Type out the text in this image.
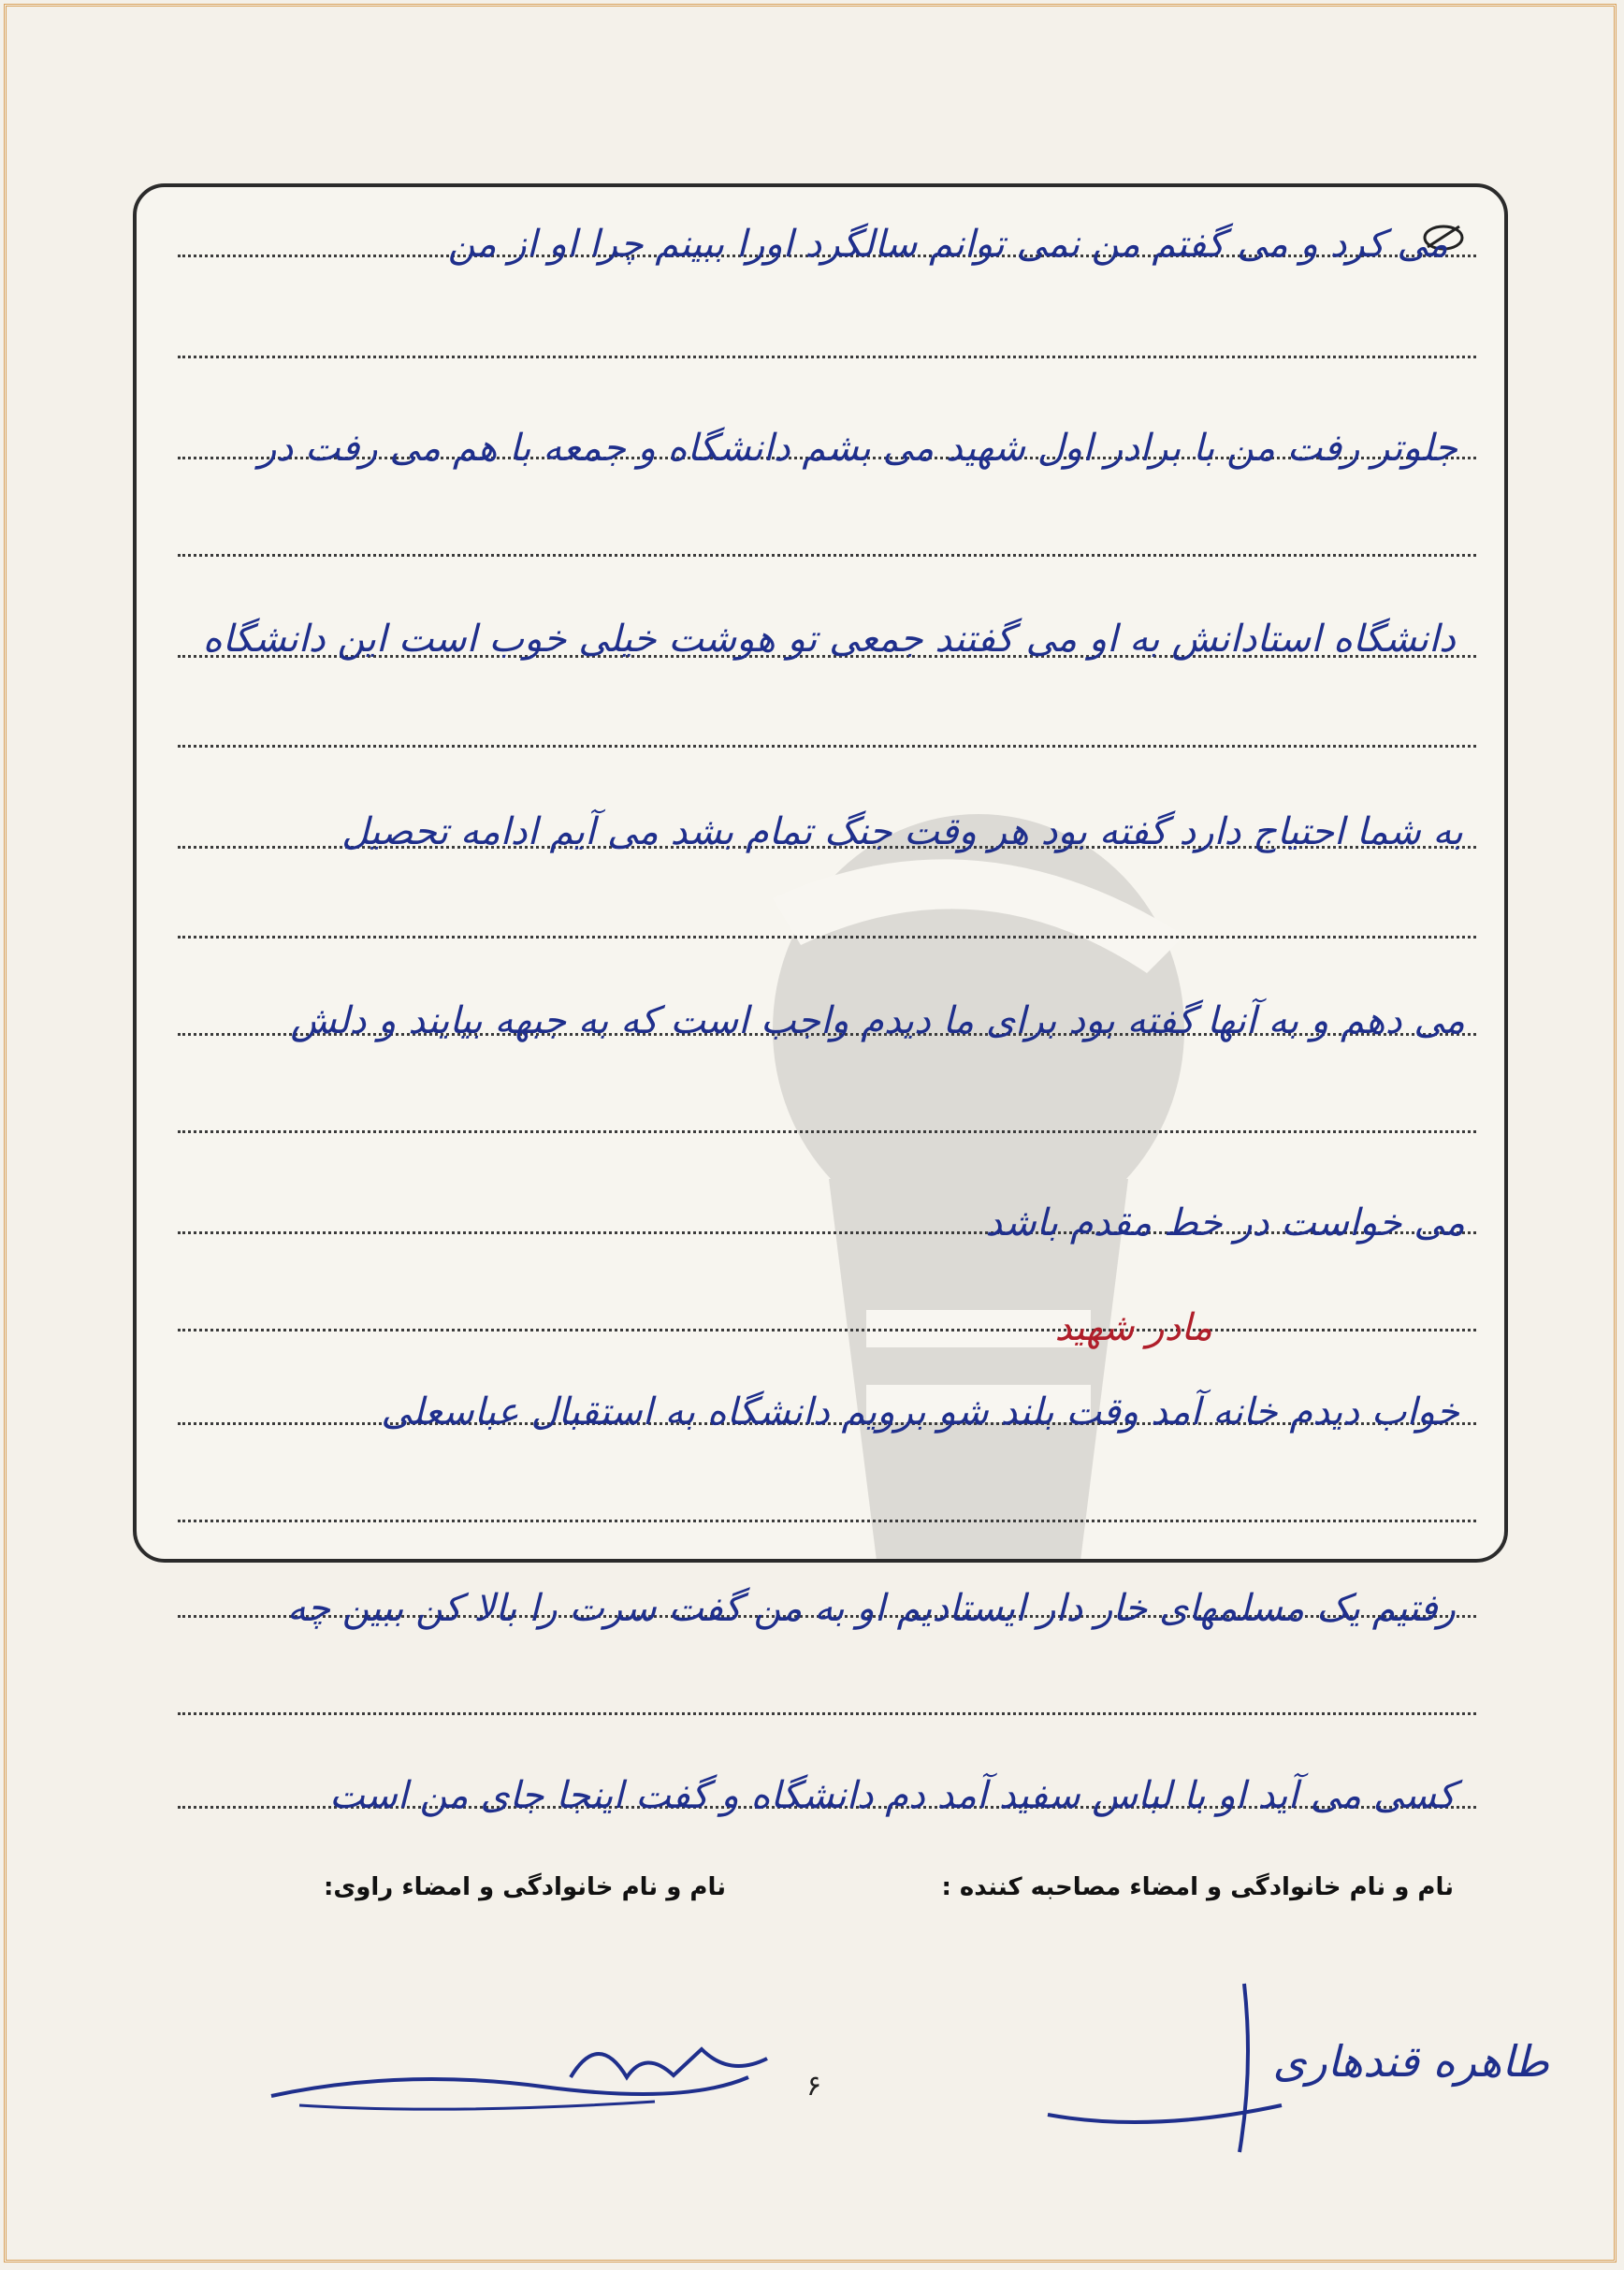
می کرد و می گفتم من نمی توانم سالگرد اورا ببینم چرا او از من
جلوتر رفت من با برادر اول شهید می بشم دانشگاه و جمعه با هم می رفت در
دانشگاه استادانش به او می گفتند جمعی تو هوشت خیلی خوب است این دانشگاه
به شما احتیاج دارد گفته بود هر وقت جنگ تمام بشد می آیم ادامه تحصیل
می دهم و به آنها گفته بود برای ما دیدم واجب است که به جبهه بیایند و دلش
می خواست در خط مقدم باشد
مادر شهید
خواب دیدم خانه آمد وقت بلند شو برویم دانشگاه به استقبال عباسعلی
رفتیم یک مسلمهای خار دار ایستادیم او به من گفت سرت را بالا کن ببین چه
کسی می آید او با لباس سفید آمد دم دانشگاه و گفت اینجا جای من است
نام و نام خانوادگی و امضاء مصاحبه کننده :
نام و نام خانوادگی و امضاء راوی:
۶	طاهره قندهاری
